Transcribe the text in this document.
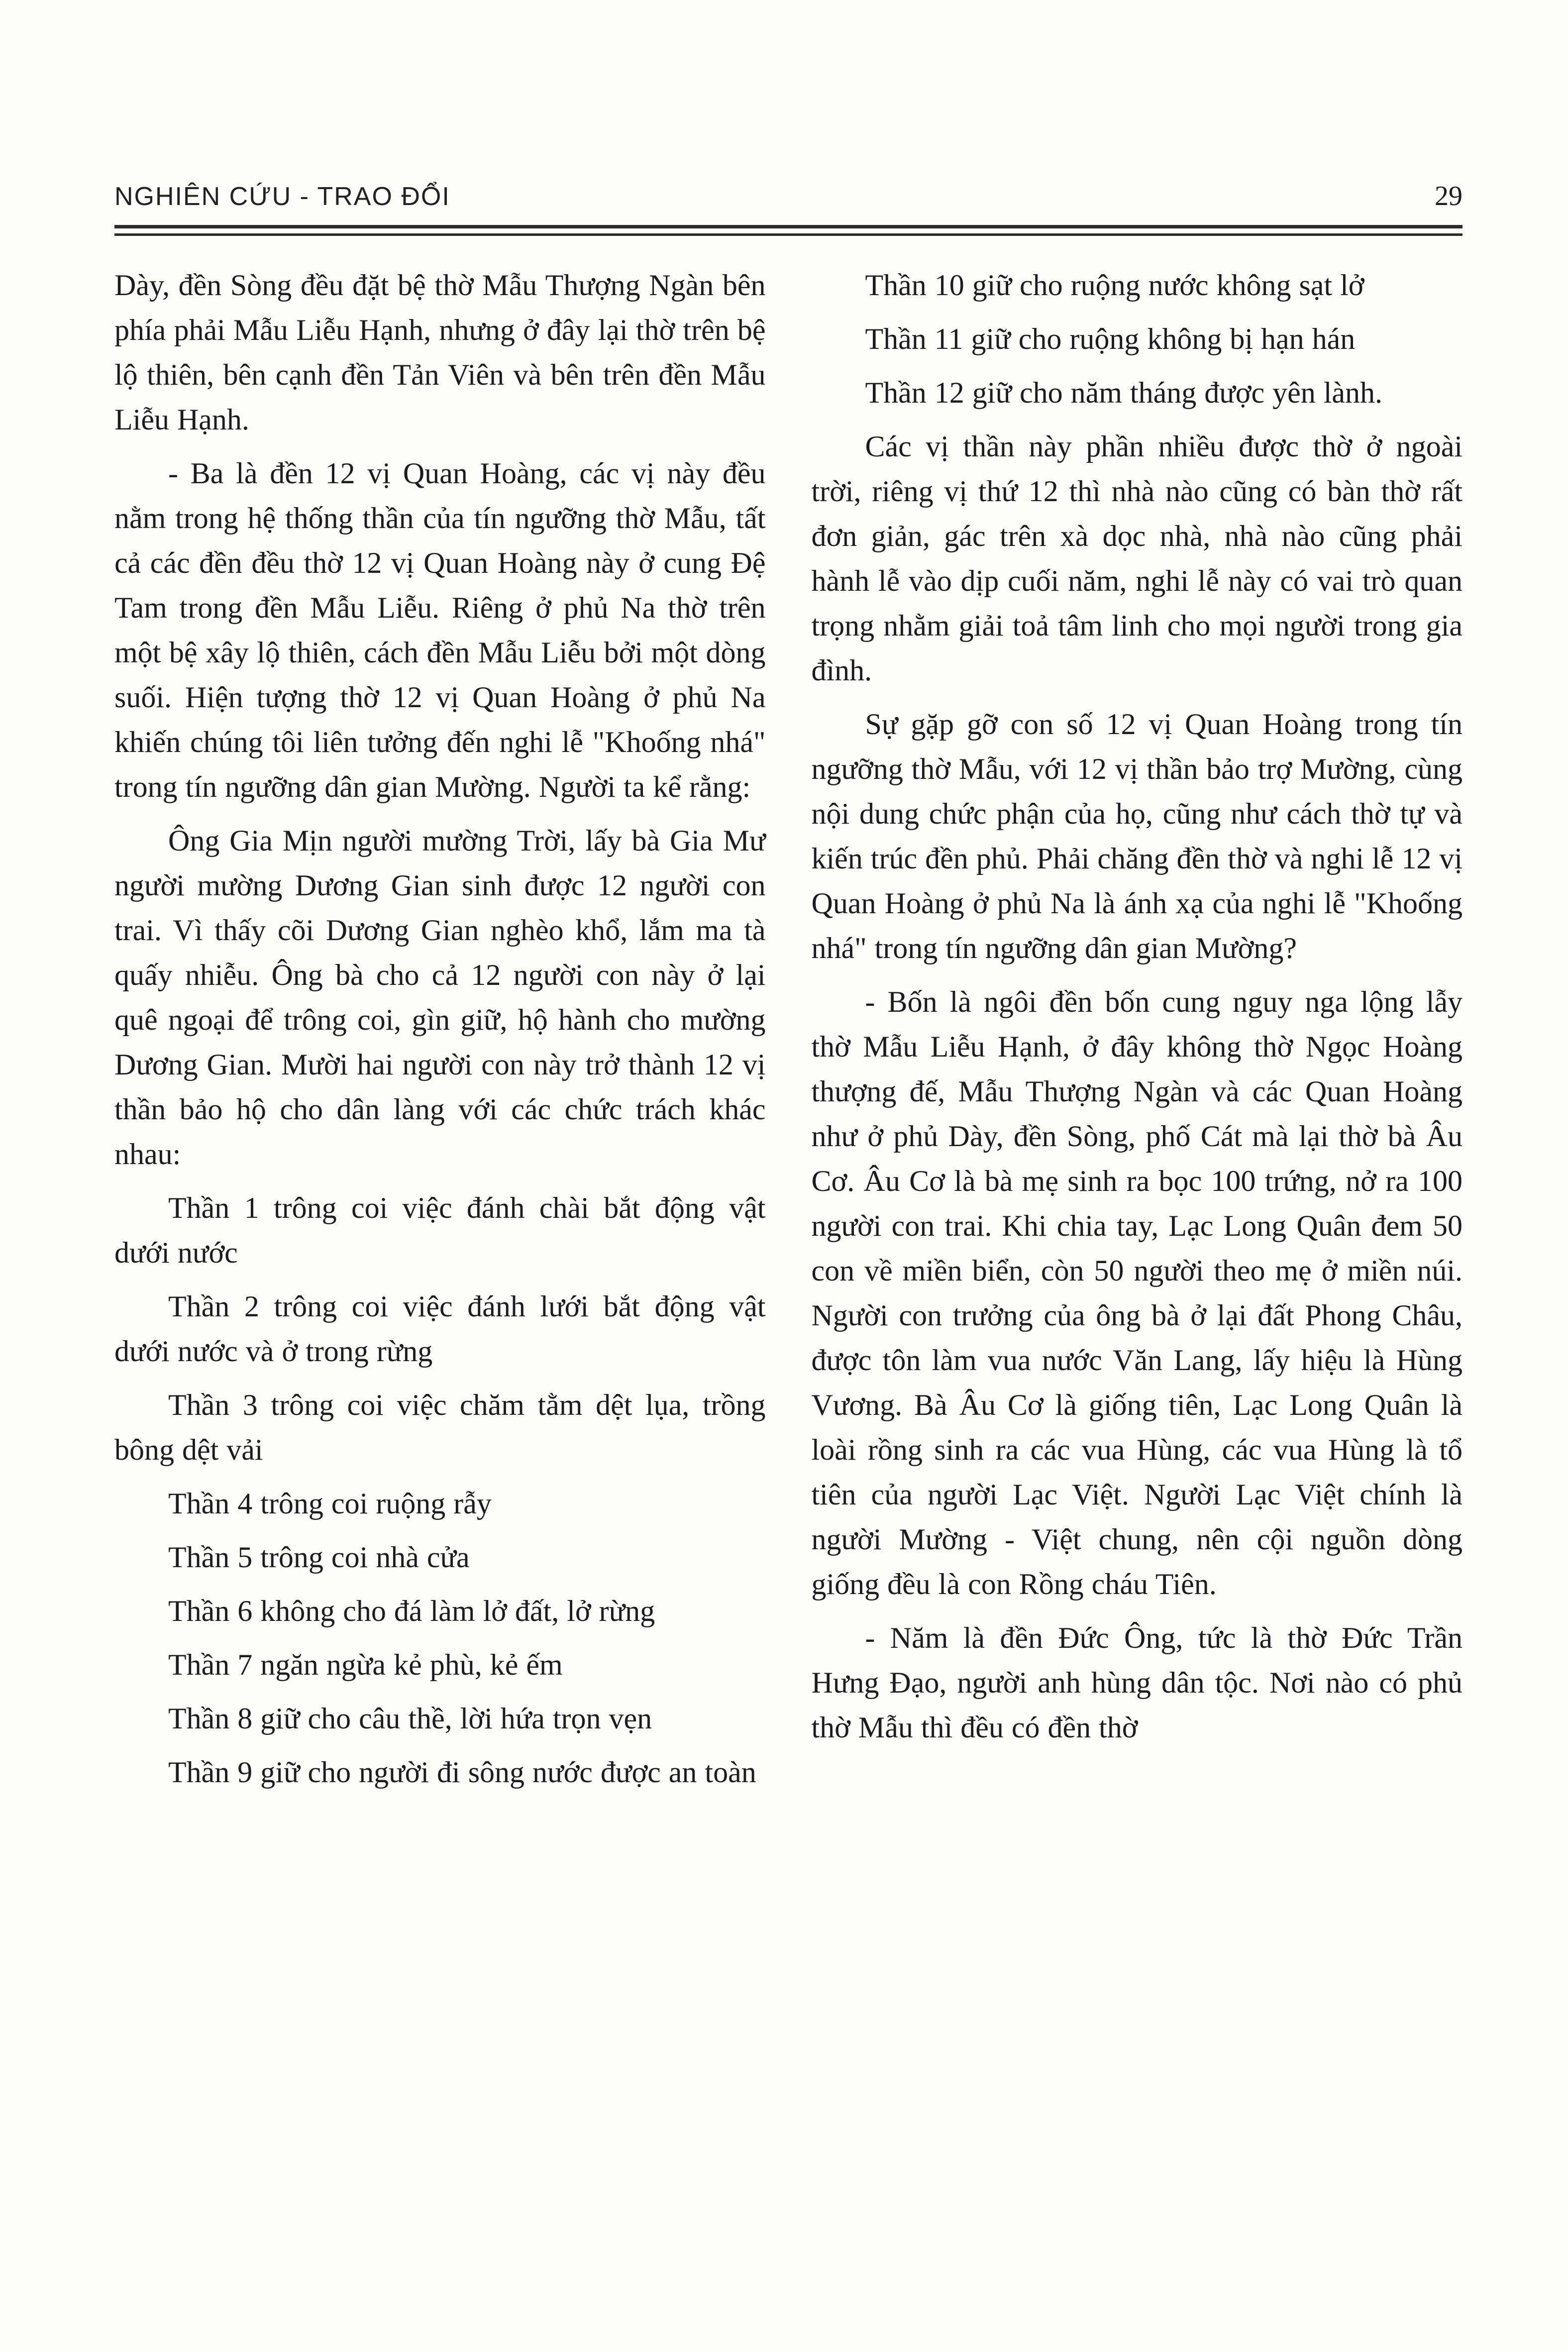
NGHIÊN CỨU - TRAO ĐỔI	29

Dày, đền Sòng đều đặt bệ thờ Mẫu Thượng Ngàn bên phía phải Mẫu Liễu Hạnh, nhưng ở đây lại thờ trên bệ lộ thiên, bên cạnh đền Tản Viên và bên trên đền Mẫu Liễu Hạnh.

- Ba là đền 12 vị Quan Hoàng, các vị này đều nằm trong hệ thống thần của tín ngưỡng thờ Mẫu, tất cả các đền đều thờ 12 vị Quan Hoàng này ở cung Đệ Tam trong đền Mẫu Liễu. Riêng ở phủ Na thờ trên một bệ xây lộ thiên, cách đền Mẫu Liễu bởi một dòng suối. Hiện tượng thờ 12 vị Quan Hoàng ở phủ Na khiến chúng tôi liên tưởng đến nghi lễ "Khoống nhá" trong tín ngưỡng dân gian Mường. Người ta kể rằng:

Ông Gia Mịn người mường Trời, lấy bà Gia Mư người mường Dương Gian sinh được 12 người con trai. Vì thấy cõi Dương Gian nghèo khổ, lắm ma tà quấy nhiễu. Ông bà cho cả 12 người con này ở lại quê ngoại để trông coi, gìn giữ, hộ hành cho mường Dương Gian. Mười hai người con này trở thành 12 vị thần bảo hộ cho dân làng với các chức trách khác nhau:

Thần 1 trông coi việc đánh chài bắt động vật dưới nước

Thần 2 trông coi việc đánh lưới bắt động vật dưới nước và ở trong rừng

Thần 3 trông coi việc chăm tằm dệt lụa, trồng bông dệt vải

Thần 4 trông coi ruộng rẫy

Thần 5 trông coi nhà cửa

Thần 6 không cho đá làm lở đất, lở rừng

Thần 7 ngăn ngừa kẻ phù, kẻ ếm

Thần 8 giữ cho câu thề, lời hứa trọn vẹn

Thần 9 giữ cho người đi sông nước được an toàn

Thần 10 giữ cho ruộng nước không sạt lở

Thần 11 giữ cho ruộng không bị hạn hán

Thần 12 giữ cho năm tháng được yên lành.

Các vị thần này phần nhiều được thờ ở ngoài trời, riêng vị thứ 12 thì nhà nào cũng có bàn thờ rất đơn giản, gác trên xà dọc nhà, nhà nào cũng phải hành lễ vào dịp cuối năm, nghi lễ này có vai trò quan trọng nhằm giải toả tâm linh cho mọi người trong gia đình.

Sự gặp gỡ con số 12 vị Quan Hoàng trong tín ngưỡng thờ Mẫu, với 12 vị thần bảo trợ Mường, cùng nội dung chức phận của họ, cũng như cách thờ tự và kiến trúc đền phủ. Phải chăng đền thờ và nghi lễ 12 vị Quan Hoàng ở phủ Na là ánh xạ của nghi lễ "Khoống nhá" trong tín ngưỡng dân gian Mường?

- Bốn là ngôi đền bốn cung nguy nga lộng lẫy thờ Mẫu Liễu Hạnh, ở đây không thờ Ngọc Hoàng thượng đế, Mẫu Thượng Ngàn và các Quan Hoàng như ở phủ Dày, đền Sòng, phố Cát mà lại thờ bà Âu Cơ. Âu Cơ là bà mẹ sinh ra bọc 100 trứng, nở ra 100 người con trai. Khi chia tay, Lạc Long Quân đem 50 con về miền biển, còn 50 người theo mẹ ở miền núi. Người con trưởng của ông bà ở lại đất Phong Châu, được tôn làm vua nước Văn Lang, lấy hiệu là Hùng Vương. Bà Âu Cơ là giống tiên, Lạc Long Quân là loài rồng sinh ra các vua Hùng, các vua Hùng là tổ tiên của người Lạc Việt. Người Lạc Việt chính là người Mường - Việt chung, nên cội nguồn dòng giống đều là con Rồng cháu Tiên.

- Năm là đền Đức Ông, tức là thờ Đức Trần Hưng Đạo, người anh hùng dân tộc. Nơi nào có phủ thờ Mẫu thì đều có đền thờ
